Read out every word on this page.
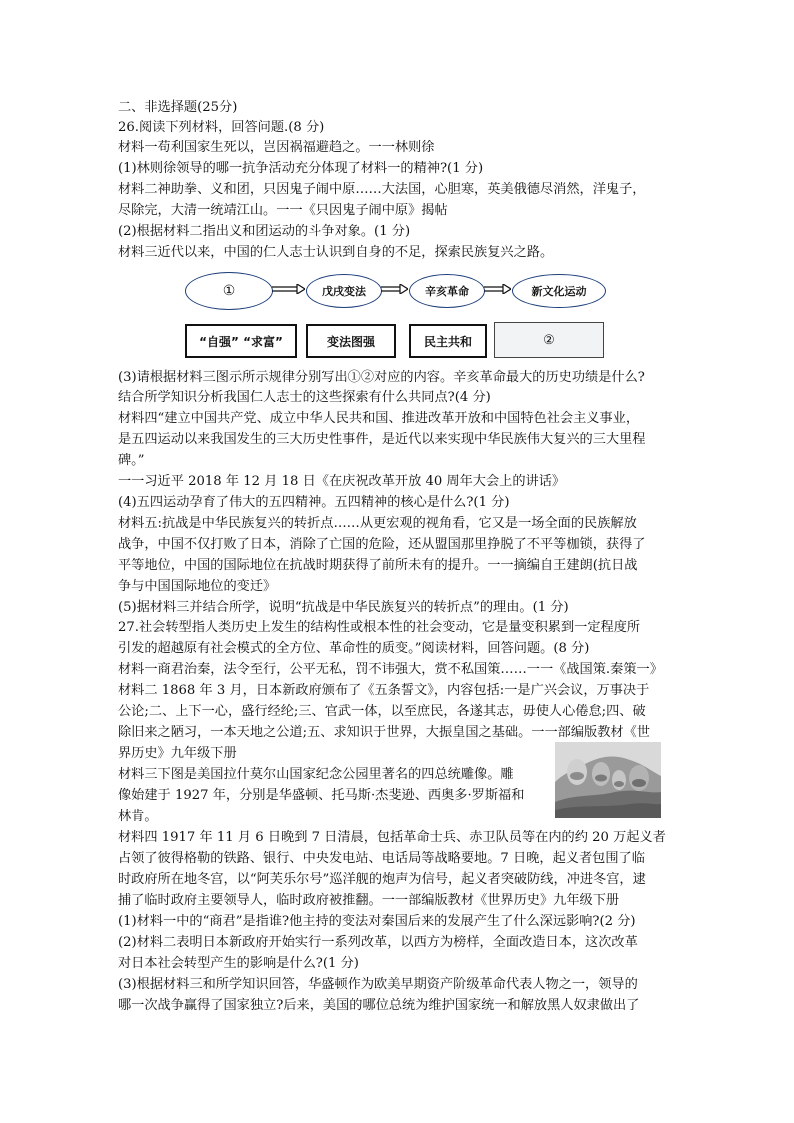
二、非选择题(25分)
26.阅读下列材料，回答问题.(8 分)
材料一苟利国家生死以，岂因祸福避趋之。一一林则徐
(1)林则徐领导的哪一抗争活动充分体现了材料一的精神?(1 分)
材料二神助拳、义和团，只因鬼子闹中原……大法国，心胆寒，英美俄德尽消然，洋鬼子，
尽除完，大清一统靖江山。一一《只因鬼子闹中原》揭帖
(2)根据材料二指出义和团运动的斗争对象。(1 分)
材料三近代以来，中国的仁人志士认识到自身的不足，探索民族复兴之路。
①	戊戌变法	辛亥革命	新文化运动
“自强” “求富”	变法图强	民主共和	②
(3)请根据材料三图示所示规律分别写出①②对应的内容。辛亥革命最大的历史功绩是什么?
结合所学知识分析我国仁人志士的这些探索有什么共同点?(4 分)
材料四“建立中国共产党、成立中华人民共和国、推进改革开放和中国特色社会主义事业，
是五四运动以来我国发生的三大历史性事件，是近代以来实现中华民族伟大复兴的三大里程
碑。”
一一习近平 2018 年 12 月 18 日《在庆祝改革开放 40 周年大会上的讲话》
(4)五四运动孕育了伟大的五四精神。五四精神的核心是什么?(1 分)
材料五:抗战是中华民族复兴的转折点……从更宏观的视角看，它又是一场全面的民族解放
战争，中国不仅打败了日本，消除了亡国的危险，还从盟国那里挣脱了不平等枷锁，获得了
平等地位，中国的国际地位在抗战时期获得了前所未有的提升。一一摘编自王建朗(抗日战
争与中国国际地位的变迁》
(5)据材料三并结合所学，说明“抗战是中华民族复兴的转折点”的理由。(1 分)
27.社会转型指人类历史上发生的结构性或根本性的社会变动，它是量变积累到一定程度所
引发的超越原有社会模式的全方位、革命性的质变。”阅读材料，回答问题。(8 分)
材料一商君治秦，法令至行，公平无私，罚不讳强大，赏不私国策……一一《战国策.秦策一》
材料二 1868 年 3 月，日本新政府颁布了《五条誓文》，内容包括:一是广兴会议，万事决于
公论;二、上下一心，盛行经纶;三、官武一体，以至庶民，各遂其志，毋使人心倦怠;四、破
除旧来之陋习，一本天地之公道;五、求知识于世界，大振皇国之基础。一一部编版教材《世
界历史》九年级下册
材料三下图是美国拉什莫尔山国家纪念公园里著名的四总统雕像。雕
像始建于 1927 年，分别是华盛顿、托马斯·杰斐逊、西奥多·罗斯福和
林肯。
材料四 1917 年 11 月 6 日晚到 7 日清晨，包括革命士兵、赤卫队员等在内的约 20 万起义者
占领了彼得格勒的铁路、银行、中央发电站、电话局等战略要地。7 日晚，起义者包围了临
时政府所在地冬宫，以“阿芙乐尔号”巡洋舰的炮声为信号，起义者突破防线，冲进冬宫，逮
捕了临时政府主要领导人，临时政府被推翻。一一部编版教材《世界历史》九年级下册
(1)材料一中的“商君”是指谁?他主持的变法对秦国后来的发展产生了什么深远影响?(2 分)
(2)材料二表明日本新政府开始实行一系列改革，以西方为榜样，全面改造日本，这次改革
对日本社会转型产生的影响是什么?(1 分)
(3)根据材料三和所学知识回答，华盛顿作为欧美早期资产阶级革命代表人物之一，领导的
哪一次战争赢得了国家独立?后来，美国的哪位总统为维护国家统一和解放黑人奴隶做出了
